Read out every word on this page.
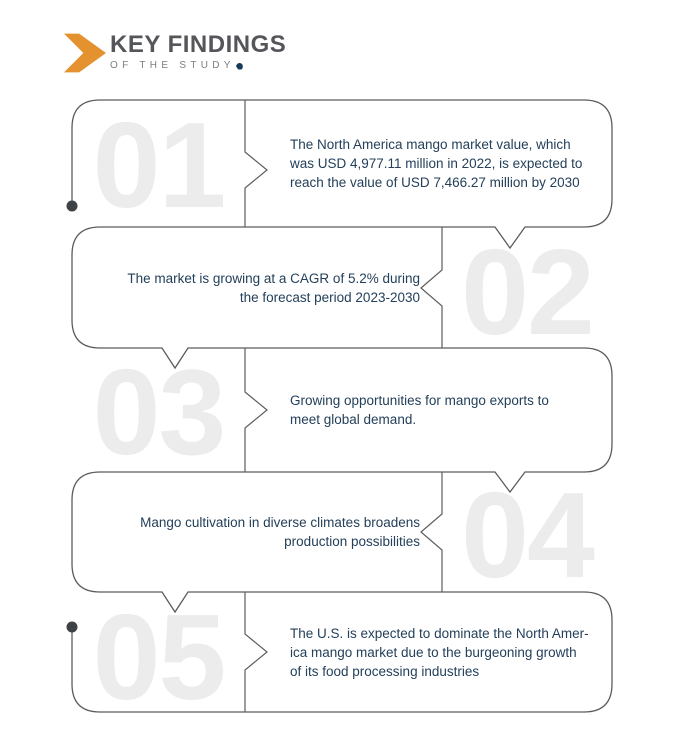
KEY FINDINGS
OF THE STUDY
01
02
03
04
05
The North America mango market value, which
was USD 4,977.11 million in 2022, is expected to
reach the value of USD 7,466.27 million by 2030
The market is growing at a CAGR of 5.2% during
the forecast period 2023-2030
Growing opportunities for mango exports to
meet global demand.
Mango cultivation in diverse climates broadens
production possibilities
The U.S. is expected to dominate the North Amer-
ica mango market due to the burgeoning growth
of its food processing industries
